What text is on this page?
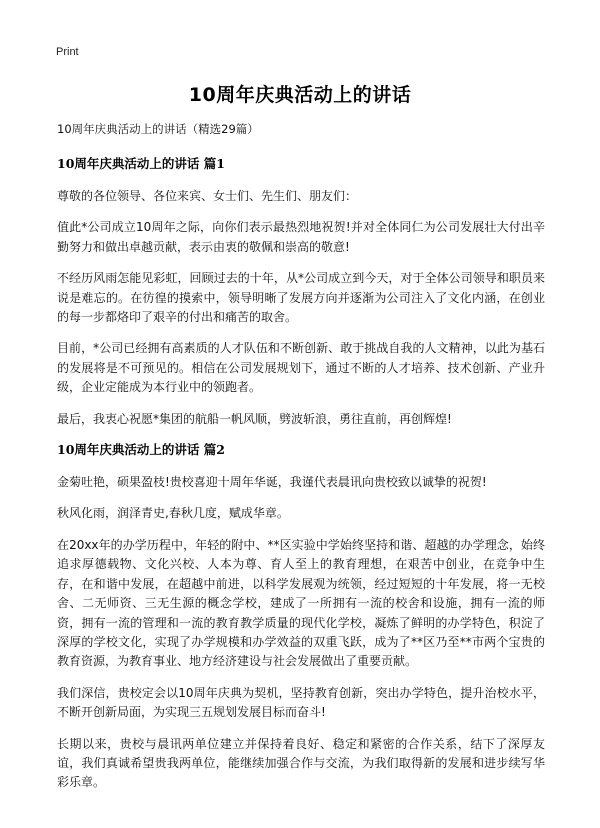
Print
10周年庆典活动上的讲话

10周年庆典活动上的讲话（精选29篇）

10周年庆典活动上的讲话 篇1

尊敬的各位领导、各位来宾、女士们、先生们、朋友们：

值此*公司成立10周年之际，向你们表示最热烈地祝贺!并对全体同仁为公司发展壮大付出辛勤努力和做出卓越贡献，表示由衷的敬佩和崇高的敬意!

不经历风雨怎能见彩虹，回顾过去的十年，从*公司成立到今天，对于全体公司领导和职员来说是难忘的。在彷徨的摸索中，领导明晰了发展方向并逐渐为公司注入了文化内涵，在创业的每一步都烙印了艰辛的付出和痛苦的取舍。

目前，*公司已经拥有高素质的人才队伍和不断创新、敢于挑战自我的人文精神，以此为基石的发展将是不可预见的。相信在公司发展规划下，通过不断的人才培养、技术创新、产业升级，企业定能成为本行业中的领跑者。

最后，我衷心祝愿*集团的航船一帆风顺，劈波斩浪，勇往直前，再创辉煌!

10周年庆典活动上的讲话 篇2

金菊吐艳，硕果盈枝!贵校喜迎十周年华诞，我谨代表晨讯向贵校致以诚挚的祝贺!

秋风化雨，润泽青史,春秋几度，赋成华章。

在20xx年的办学历程中，年轻的附中、**区实验中学始终坚持和谐、超越的办学理念，始终追求厚德载物、文化兴校、人本为尊、育人至上的教育理想，在艰苦中创业，在竞争中生存，在和谐中发展，在超越中前进，以科学发展观为统领，经过短短的十年发展，将一无校舍、二无师资、三无生源的概念学校，建成了一所拥有一流的校舍和设施，拥有一流的师资，拥有一流的管理和一流的教育教学质量的现代化学校，凝炼了鲜明的办学特色，积淀了深厚的学校文化，实现了办学规模和办学效益的双重飞跃，成为了**区乃至**市两个宝贵的教育资源，为教育事业、地方经济建设与社会发展做出了重要贡献。

我们深信，贵校定会以10周年庆典为契机，坚持教育创新，突出办学特色，提升治校水平，不断开创新局面，为实现三五规划发展目标而奋斗!

长期以来，贵校与晨讯两单位建立并保持着良好、稳定和紧密的合作关系，结下了深厚友谊，我们真诚希望贵我两单位，能继续加强合作与交流，为我们取得新的发展和进步续写华彩乐章。
